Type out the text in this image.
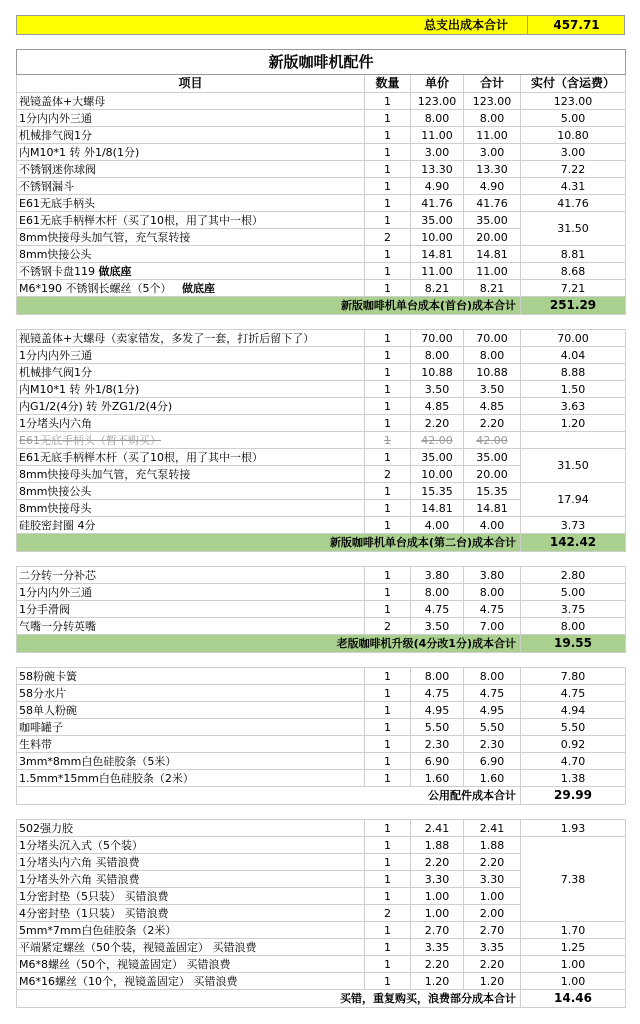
总支出成本合计	457.71
新版咖啡机配件				
项目	数量	单价	合计	实付（含运费）
视镜盖体+大螺母	1	123.00	123.00	123.00
1分内内外三通	1	8.00	8.00	5.00
机械排气阀1分	1	11.00	11.00	10.80
内M10*1 转 外1/8(1分)	1	3.00	3.00	3.00
不锈钢迷你球阀	1	13.30	13.30	7.22
不锈钢漏斗	1	4.90	4.90	4.31
E61无底手柄头	1	41.76	41.76	41.76
E61无底手柄榉木杆（买了10根，用了其中一根）	1	35.00	35.00	31.50
8mm快接母头加气管，充气泵转接	2	10.00	20.00	
8mm快接公头	1	14.81	14.81	8.81
不锈钢卡盘119 做底座	1	11.00	11.00	8.68
M6*190 不锈钢长螺丝（5个） 做底座	1	8.21	8.21	7.21
新版咖啡机单台成本(首台)成本合计				251.29
视镜盖体+大螺母（卖家错发，多发了一套，打折后留下了）	1	70.00	70.00	70.00
1分内内外三通	1	8.00	8.00	4.04
机械排气阀1分	1	10.88	10.88	8.88
内M10*1 转 外1/8(1分)	1	3.50	3.50	1.50
内G1/2(4分) 转 外ZG1/2(4分)	1	4.85	4.85	3.63
1分堵头内六角	1	2.20	2.20	1.20
E61无底手柄头（暂不购买）	1	42.00	42.00	
E61无底手柄榉木杆（买了10根，用了其中一根）	1	35.00	35.00	31.50
8mm快接母头加气管，充气泵转接	2	10.00	20.00	
8mm快接公头	1	15.35	15.35	17.94
8mm快接母头	1	14.81	14.81	
硅胶密封圈 4分	1	4.00	4.00	3.73
新版咖啡机单台成本(第二台)成本合计				142.42
二分转一分补芯	1	3.80	3.80	2.80
1分内内外三通	1	8.00	8.00	5.00
1分手滑阀	1	4.75	4.75	3.75
气嘴一分转英嘴	2	3.50	7.00	8.00
老版咖啡机升级(4分改1分)成本合计				19.55
58粉碗卡簧	1	8.00	8.00	7.80
58分水片	1	4.75	4.75	4.75
58单人粉碗	1	4.95	4.95	4.94
咖啡罐子	1	5.50	5.50	5.50
生料带	1	2.30	2.30	0.92
3mm*8mm白色硅胶条（5米）	1	6.90	6.90	4.70
1.5mm*15mm白色硅胶条（2米）	1	1.60	1.60	1.38
公用配件成本合计				29.99
502强力胶	1	2.41	2.41	1.93
1分堵头沉入式（5个装）	1	1.88	1.88	7.38
1分堵头内六角 买错浪费	1	2.20	2.20	
1分堵头外六角 买错浪费	1	3.30	3.30	
1分密封垫（5只装） 买错浪费	1	1.00	1.00	
4分密封垫（1只装） 买错浪费	2	1.00	2.00	
5mm*7mm白色硅胶条（2米）	1	2.70	2.70	1.70
平端紧定螺丝（50个装，视镜盖固定） 买错浪费	1	3.35	3.35	1.25
M6*8螺丝（50个，视镜盖固定） 买错浪费	1	2.20	2.20	1.00
M6*16螺丝（10个，视镜盖固定） 买错浪费	1	1.20	1.20	1.00
买错，重复购买，浪费部分成本合计				14.46
